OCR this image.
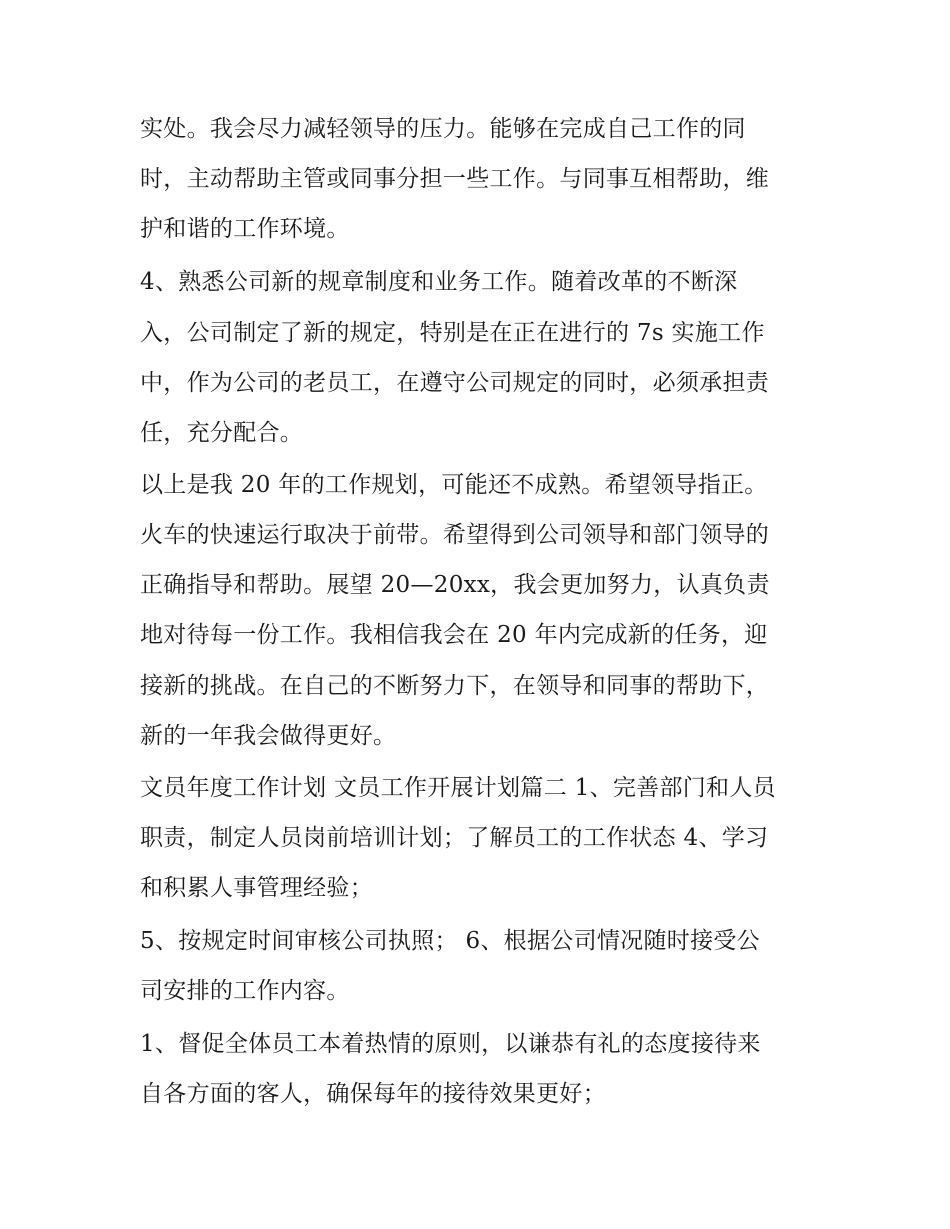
实处。我会尽力减轻领导的压力。能够在完成自己工作的同
时，主动帮助主管或同事分担一些工作。与同事互相帮助，维
护和谐的工作环境。
4、熟悉公司新的规章制度和业务工作。随着改革的不断深
入，公司制定了新的规定，特别是在正在进行的 7s 实施工作
中，作为公司的老员工，在遵守公司规定的同时，必须承担责
任，充分配合。
以上是我 20 年的工作规划，可能还不成熟。希望领导指正。
火车的快速运行取决于前带。希望得到公司领导和部门领导的
正确指导和帮助。展望 20—20xx，我会更加努力，认真负责
地对待每一份工作。我相信我会在 20 年内完成新的任务，迎
接新的挑战。在自己的不断努力下，在领导和同事的帮助下，
新的一年我会做得更好。
文员年度工作计划 文员工作开展计划篇二 1、完善部门和人员
职责，制定人员岗前培训计划；了解员工的工作状态 4、学习
和积累人事管理经验；
5、按规定时间审核公司执照； 6、根据公司情况随时接受公
司安排的工作内容。
1、督促全体员工本着热情的原则，以谦恭有礼的态度接待来
自各方面的客人，确保每年的接待效果更好；
